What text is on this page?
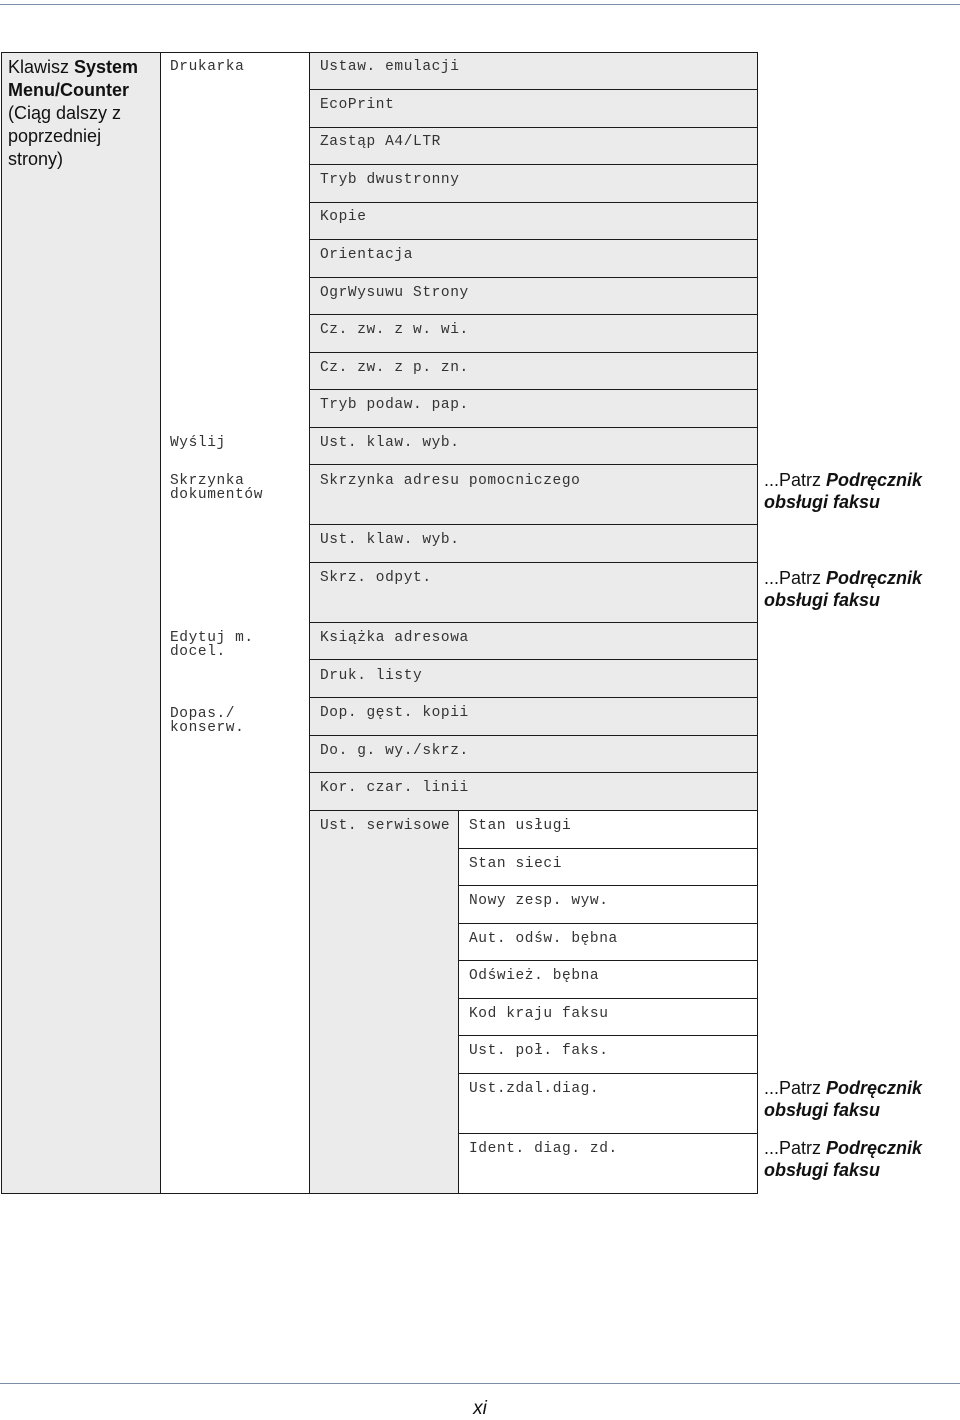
Klawisz System Menu/Counter (Ciąg dalszy z poprzedniej strony)
Drukarka
Wyślij
Skrzynka dokumentów
Edytuj m. docel.
Dopas./ konserw.
Ustaw. emulacji
EcoPrint
Zastąp A4/LTR
Tryb dwustronny
Kopie
Orientacja
OgrWysuwu Strony
Cz. zw. z w. wi.
Cz. zw. z p. zn.
Tryb podaw. pap.
Ust. klaw. wyb.
Skrzynka adresu pomocniczego
Ust. klaw. wyb.
Skrz. odpyt.
Książka adresowa
Druk. listy
Dop. gęst. kopii
Do. g. wy./skrz.
Kor. czar. linii
Ust. serwisowe Stan usługi
Stan sieci
Nowy zesp. wyw.
Aut. odśw. bębna
Odśwież. bębna
Kod kraju faksu
Ust. poł. faks.
Ust.zdal.diag.
Ident. diag. zd.
...Patrz Podręcznik obsługi faksu
...Patrz Podręcznik obsługi faksu
...Patrz Podręcznik obsługi faksu
...Patrz Podręcznik obsługi faksu
xi
